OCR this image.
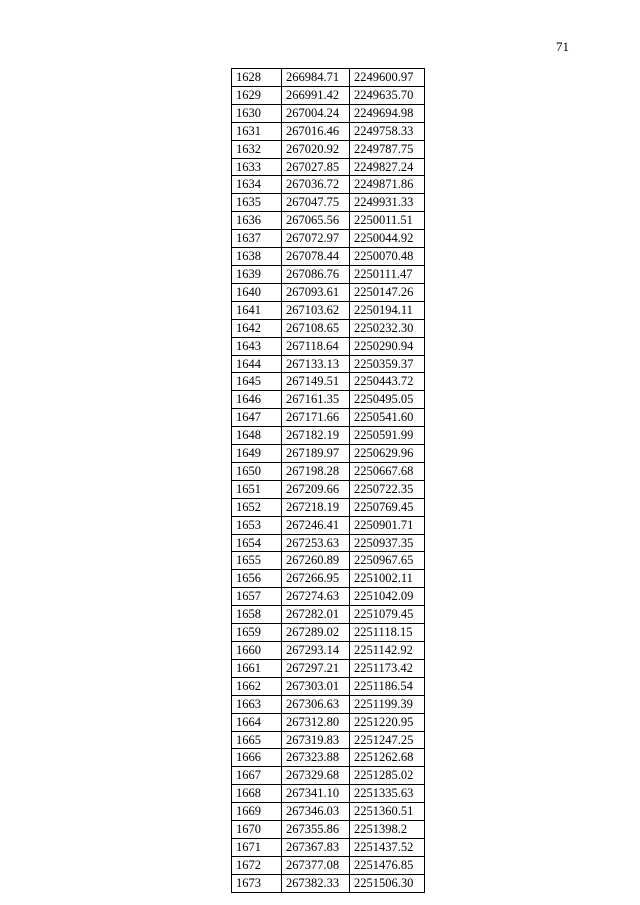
71
1628	266984.71	2249600.97
1629	266991.42	2249635.70
1630	267004.24	2249694.98
1631	267016.46	2249758.33
1632	267020.92	2249787.75
1633	267027.85	2249827.24
1634	267036.72	2249871.86
1635	267047.75	2249931.33
1636	267065.56	2250011.51
1637	267072.97	2250044.92
1638	267078.44	2250070.48
1639	267086.76	2250111.47
1640	267093.61	2250147.26
1641	267103.62	2250194.11
1642	267108.65	2250232.30
1643	267118.64	2250290.94
1644	267133.13	2250359.37
1645	267149.51	2250443.72
1646	267161.35	2250495.05
1647	267171.66	2250541.60
1648	267182.19	2250591.99
1649	267189.97	2250629.96
1650	267198.28	2250667.68
1651	267209.66	2250722.35
1652	267218.19	2250769.45
1653	267246.41	2250901.71
1654	267253.63	2250937.35
1655	267260.89	2250967.65
1656	267266.95	2251002.11
1657	267274.63	2251042.09
1658	267282.01	2251079.45
1659	267289.02	2251118.15
1660	267293.14	2251142.92
1661	267297.21	2251173.42
1662	267303.01	2251186.54
1663	267306.63	2251199.39
1664	267312.80	2251220.95
1665	267319.83	2251247.25
1666	267323.88	2251262.68
1667	267329.68	2251285.02
1668	267341.10	2251335.63
1669	267346.03	2251360.51
1670	267355.86	2251398.2
1671	267367.83	2251437.52
1672	267377.08	2251476.85
1673	267382.33	2251506.30
